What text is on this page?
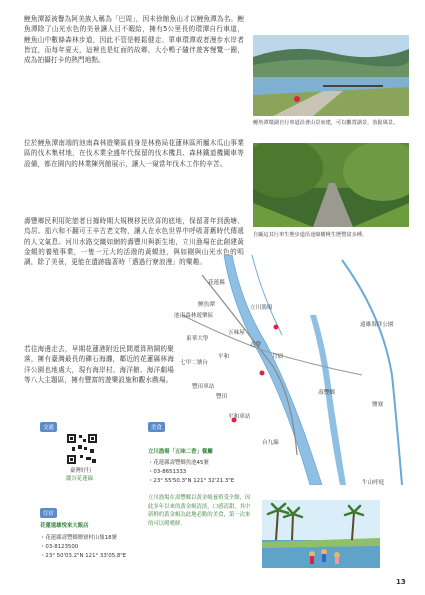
鯉魚潭源被譽為阿美族人稱為「巴周」，因未徐館魚山才以鯉魚潭為名。鯉魚潭除了山光水色的美景讓人目不暇給，擁有5公里長的環潭自行車道，鯉魚山中數條森林步道，因此不管是輕鬆健走、單車環潭或者漫步水岸者皆宜，而每年夏天，這裡也是紅面的故鄉，大小鴨子隨伴遊客慢覽一圈，成為拍攝打卡的熱門地點。
鯉魚潭環湖自行車道沿著山景而建，可以觀賞湖景，放鬆風景。
位於鯉魚潭南端的池南森林遊樂區前身是林務局花蓮林區所屬木瓜山事業區的伐木集材地，在伐木業全盛年代保留的伐木機具、森林鐵道機關車等設備，都在園內的林業陳列館展示，讓人一窺當年伐木工作的辛苦。
自顧這其行車生態步道沿途綠樹桃生態豐富多種。
壽豐鄉民利用陀戀者日據時期大規模移民欣喜的底地，保留著年到漁塘、烏居、茄六和不翻可王辛古老文物，讓人在水色世界中呼吸著舊時代傳遞的人文氣息。河川水路交織如網的壽豐川與新生地，立川漁場在此創建黃金蜆的養殖事業，一隻一元大的活潑的黃蜆池，與如剛與山光水色的明調，除了美景，更能在遺跡臨著時「邁過行寮浪漫」的樂趣。
若往海邊走去，早期花蓮港附近民間還算熱鬧的聚落，擁有臺灣最長的礫石海灘，鄰近的花蓮縣林海洋公園也地處大，現有海岸村、海洋館、海洋劇場等八大主題區，擁有豐富的遊樂設施和觀水戲場。
鯉魚潭
池南森林遊樂區
東華大學
立川漁場
遠雄海洋公園
五味屋
月眉
志學
平和
七甲二號台
豐田車站
豐田
壽豐鄉
鹽寮
平和車站
牛山呼庭
台九線
花蓮縣
交通
臺灣好行
縱谷花蓮線
住宿
花蓮遠雄悅來大飯店
・花蓮縣壽豐鄉鹽寮村山嶺18號
・03-8123500
・23° 50'03.2"N 121° 33'05.8"E
美食
立川漁場「五味二香」餐廳
・花蓮縣壽豐鄉魚池45號
・03-8651333
・23° 55'50.3"N 121° 32'21.3"E
立川漁場在壽豐鄉以黃金蜆養殖受全館，因此多年以來的黃金蜆清淡，口感清甜，其中新鮮的黃金蜆為此地必點的美食，第一次來的可以嚐嚐鮮。
13
